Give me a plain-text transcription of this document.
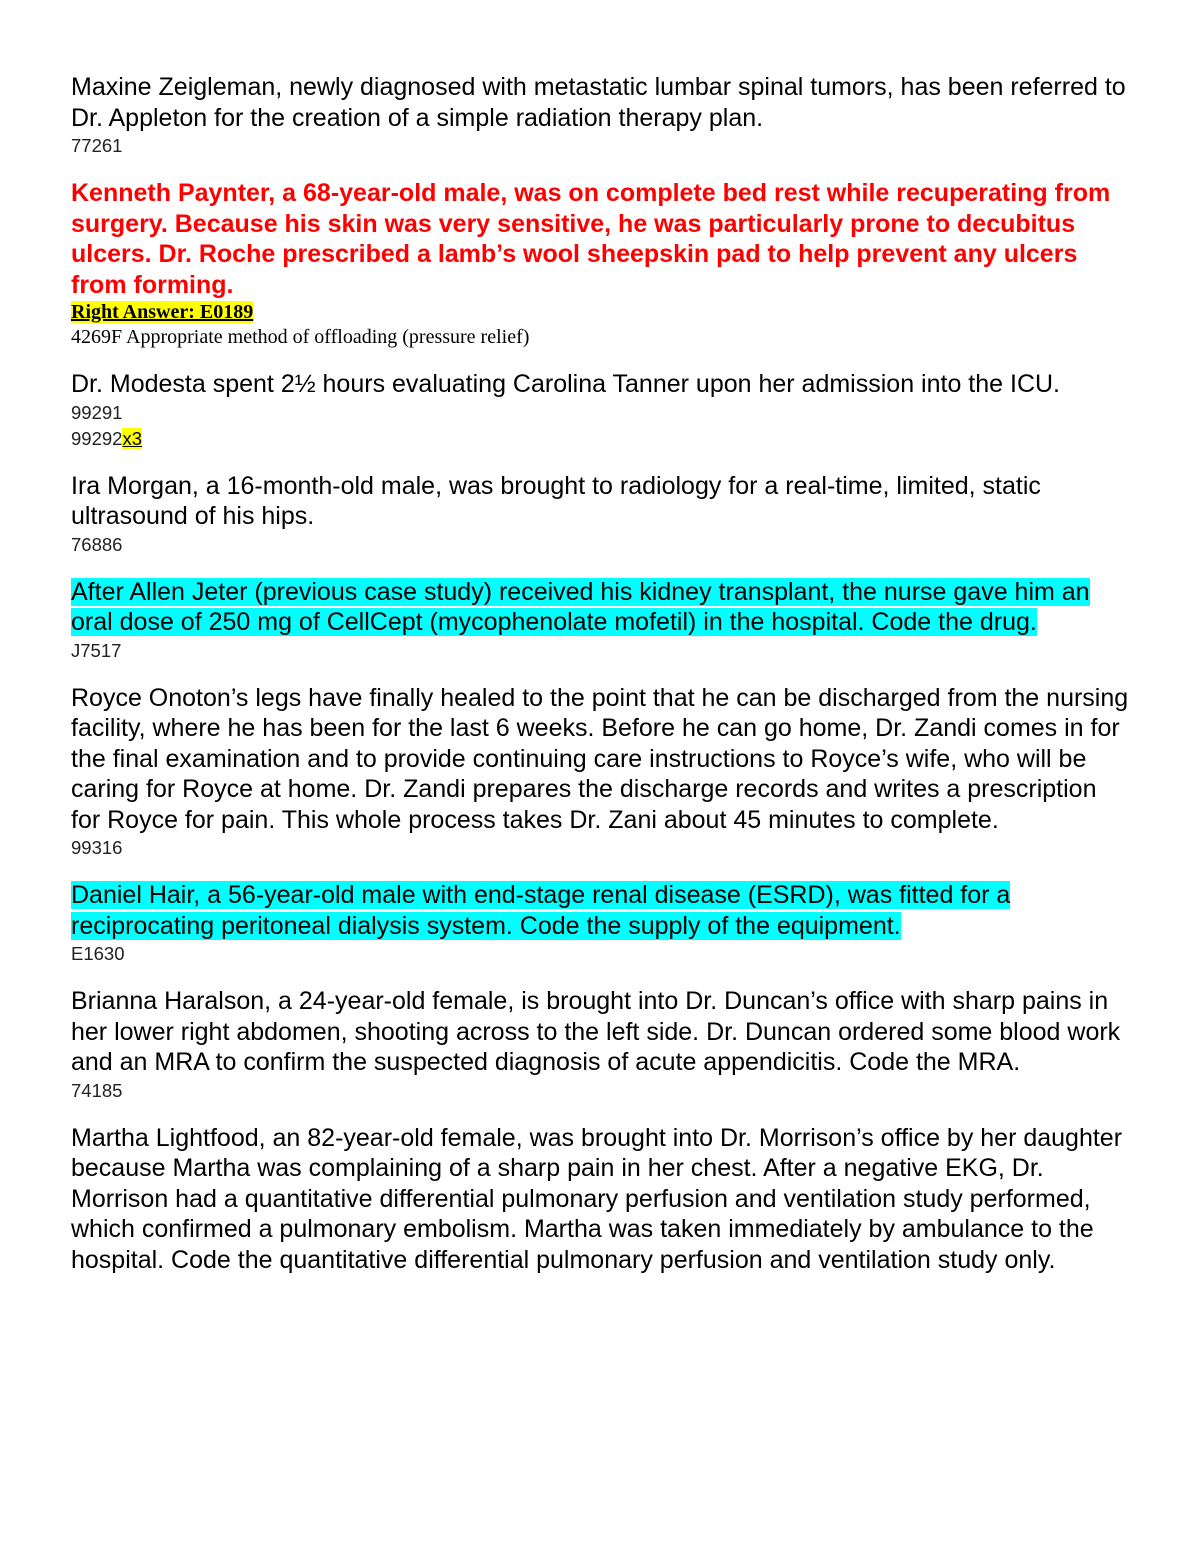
Maxine Zeigleman, newly diagnosed with metastatic lumbar spinal tumors, has been referred to Dr. Appleton for the creation of a simple radiation therapy plan.
77261
Kenneth Paynter, a 68-year-old male, was on complete bed rest while recuperating from surgery. Because his skin was very sensitive, he was particularly prone to decubitus ulcers. Dr. Roche prescribed a lamb’s wool sheepskin pad to help prevent any ulcers from forming.
Right Answer: E0189
4269F Appropriate method of offloading (pressure relief)
Dr. Modesta spent 2½ hours evaluating Carolina Tanner upon her admission into the ICU.
99291
99292x3
Ira Morgan, a 16-month-old male, was brought to radiology for a real-time, limited, static ultrasound of his hips.
76886
After Allen Jeter (previous case study) received his kidney transplant, the nurse gave him an oral dose of 250 mg of CellCept (mycophenolate mofetil) in the hospital. Code the drug.
J7517
Royce Onoton’s legs have finally healed to the point that he can be discharged from the nursing facility, where he has been for the last 6 weeks. Before he can go home, Dr. Zandi comes in for the final examination and to provide continuing care instructions to Royce’s wife, who will be caring for Royce at home. Dr. Zandi prepares the discharge records and writes a prescription for Royce for pain. This whole process takes Dr. Zani about 45 minutes to complete.
99316
Daniel Hair, a 56-year-old male with end-stage renal disease (ESRD), was fitted for a reciprocating peritoneal dialysis system. Code the supply of the equipment.
E1630
Brianna Haralson, a 24-year-old female, is brought into Dr. Duncan’s office with sharp pains in her lower right abdomen, shooting across to the left side. Dr. Duncan ordered some blood work and an MRA to confirm the suspected diagnosis of acute appendicitis. Code the MRA.
74185
Martha Lightfood, an 82-year-old female, was brought into Dr. Morrison’s office by her daughter because Martha was complaining of a sharp pain in her chest. After a negative EKG, Dr. Morrison had a quantitative differential pulmonary perfusion and ventilation study performed, which confirmed a pulmonary embolism. Martha was taken immediately by ambulance to the hospital. Code the quantitative differential pulmonary perfusion and ventilation study only.
